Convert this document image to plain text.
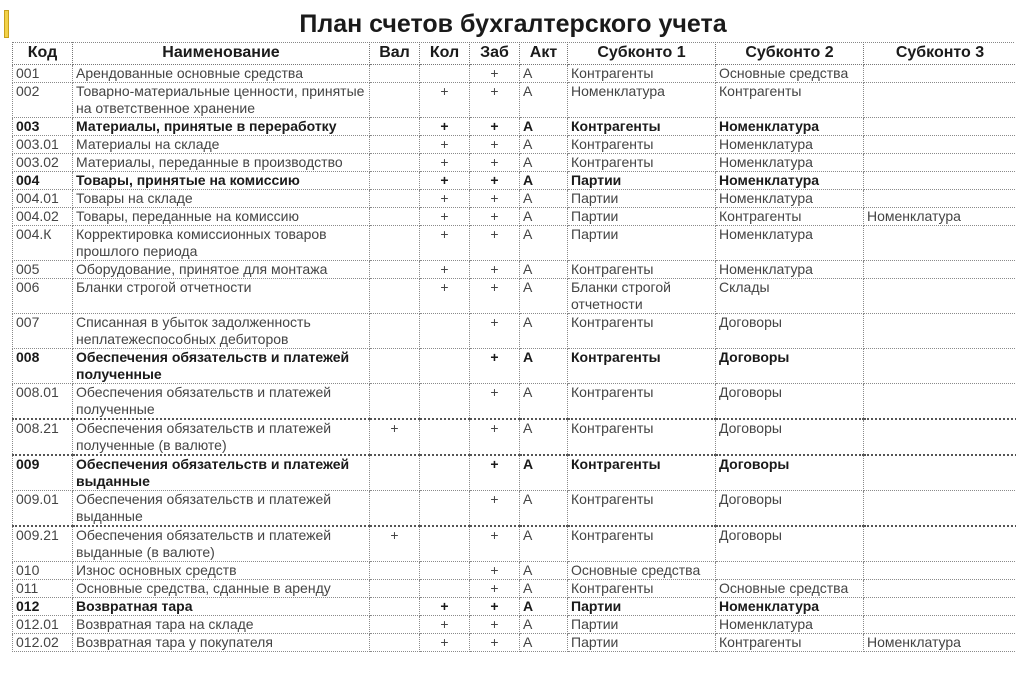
План счетов бухгалтерского учета
Код	Наименование	Вал	Кол	Заб	Акт	Субконто 1	Субконто 2	Субконто 3
001	Арендованные основные средства			+	А	Контрагенты	Основные средства	
002	Товарно-материальные ценности, принятые на ответственное хранение		+	+	А	Номенклатура	Контрагенты	
003	Материалы, принятые в переработку		+	+	А	Контрагенты	Номенклатура	
003.01	Материалы на складе		+	+	А	Контрагенты	Номенклатура	
003.02	Материалы, переданные в производство		+	+	А	Контрагенты	Номенклатура	
004	Товары, принятые на комиссию		+	+	А	Партии	Номенклатура	
004.01	Товары на складе		+	+	А	Партии	Номенклатура	
004.02	Товары, переданные на комиссию		+	+	А	Партии	Контрагенты	Номенклатура
004.К	Корректировка комиссионных товаров прошлого периода		+	+	А	Партии	Номенклатура	
005	Оборудование, принятое для монтажа		+	+	А	Контрагенты	Номенклатура	
006	Бланки строгой отчетности		+	+	А	Бланки строгой отчетности	Склады	
007	Списанная в убыток задолженность неплатежеспособных дебиторов			+	А	Контрагенты	Договоры	
008	Обеспечения обязательств и платежей полученные			+	А	Контрагенты	Договоры	
008.01	Обеспечения обязательств и платежей полученные			+	А	Контрагенты	Договоры	
008.21	Обеспечения обязательств и платежей полученные (в валюте)	+		+	А	Контрагенты	Договоры	
009	Обеспечения обязательств и платежей выданные			+	А	Контрагенты	Договоры	
009.01	Обеспечения обязательств и платежей выданные			+	А	Контрагенты	Договоры	
009.21	Обеспечения обязательств и платежей выданные (в валюте)	+		+	А	Контрагенты	Договоры	
010	Износ основных средств			+	А	Основные средства		
011	Основные средства, сданные в аренду			+	А	Контрагенты	Основные средства	
012	Возвратная тара		+	+	А	Партии	Номенклатура	
012.01	Возвратная тара на складе		+	+	А	Партии	Номенклатура	
012.02	Возвратная тара у покупателя		+	+	А	Партии	Контрагенты	Номенклатура
